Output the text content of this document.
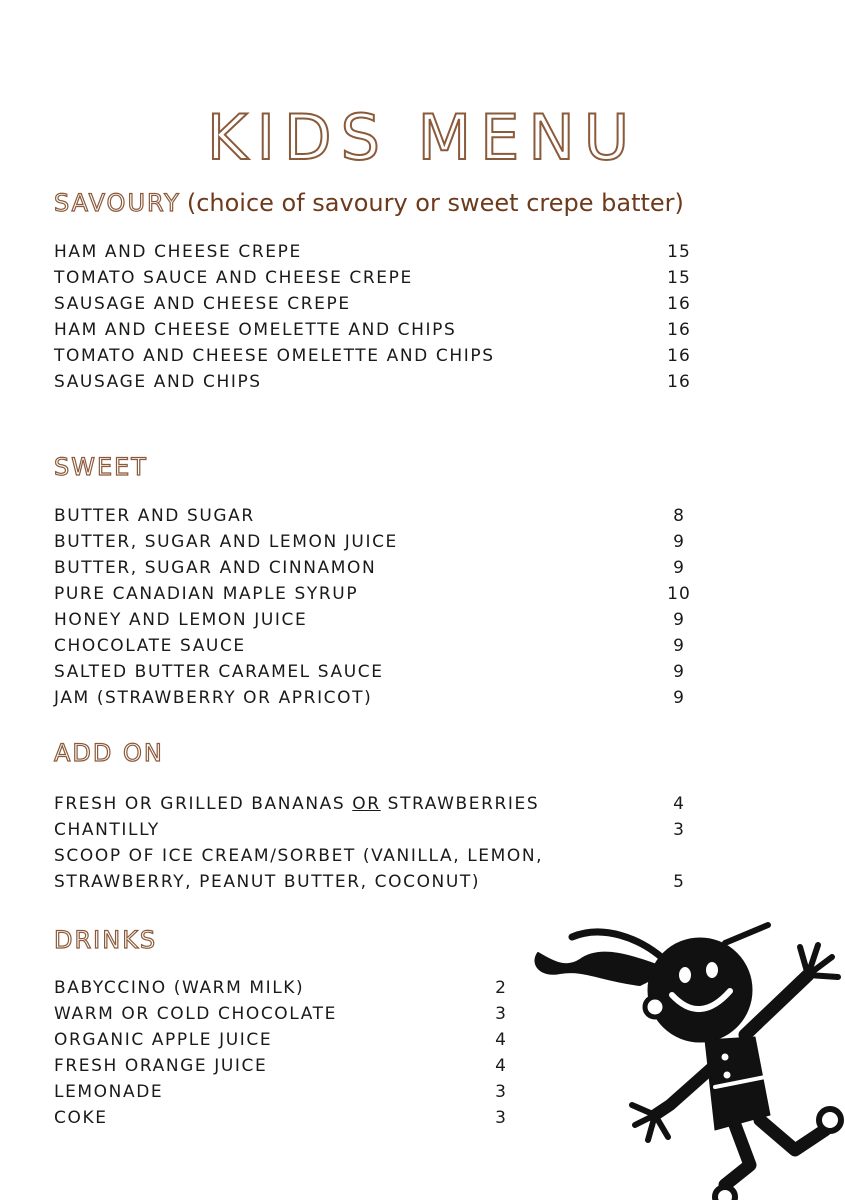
KIDS MENU
SAVOURY (choice of savoury or sweet crepe batter)
HAM AND CHEESE CREPE	15
TOMATO SAUCE AND CHEESE CREPE	15
SAUSAGE AND CHEESE CREPE	16
HAM AND CHEESE OMELETTE AND CHIPS	16
TOMATO AND CHEESE OMELETTE AND CHIPS	16
SAUSAGE AND CHIPS	16
SWEET
BUTTER AND SUGAR	8
BUTTER, SUGAR AND LEMON JUICE	9
BUTTER, SUGAR AND CINNAMON	9
PURE CANADIAN MAPLE SYRUP	10
HONEY AND LEMON JUICE	9
CHOCOLATE SAUCE	9
SALTED BUTTER CARAMEL SAUCE	9
JAM (STRAWBERRY OR APRICOT)	9
ADD ON
FRESH OR GRILLED BANANAS OR STRAWBERRIES	4
CHANTILLY	3
SCOOP OF ICE CREAM/SORBET (VANILLA, LEMON,
STRAWBERRY, PEANUT BUTTER, COCONUT)	5
DRINKS
BABYCCINO (WARM MILK)	2
WARM OR COLD CHOCOLATE	3
ORGANIC APPLE JUICE	4
FRESH ORANGE JUICE	4
LEMONADE	3
COKE	3
